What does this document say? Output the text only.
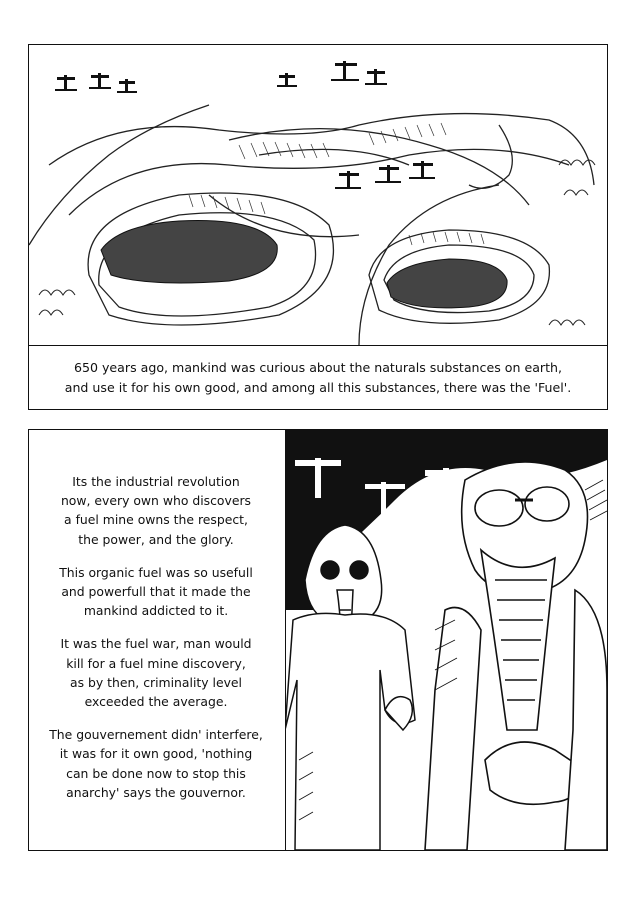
650 years ago, mankind was curious about the naturals substances on earth,
and use it for his own good, and among all this substances, there was the 'Fuel'.

Its the industrial revolution
now, every own who discovers
a fuel mine owns the respect,
the power, and the glory.

This organic fuel was so usefull
and powerfull that it made the
mankind addicted to it.

It was the fuel war, man would
kill for a fuel mine discovery,
as by then, criminality level
exceeded the average.

The gouvernement didn' interfere,
it was for it own good, 'nothing
can be done now to stop this
anarchy' says the gouvernor.
